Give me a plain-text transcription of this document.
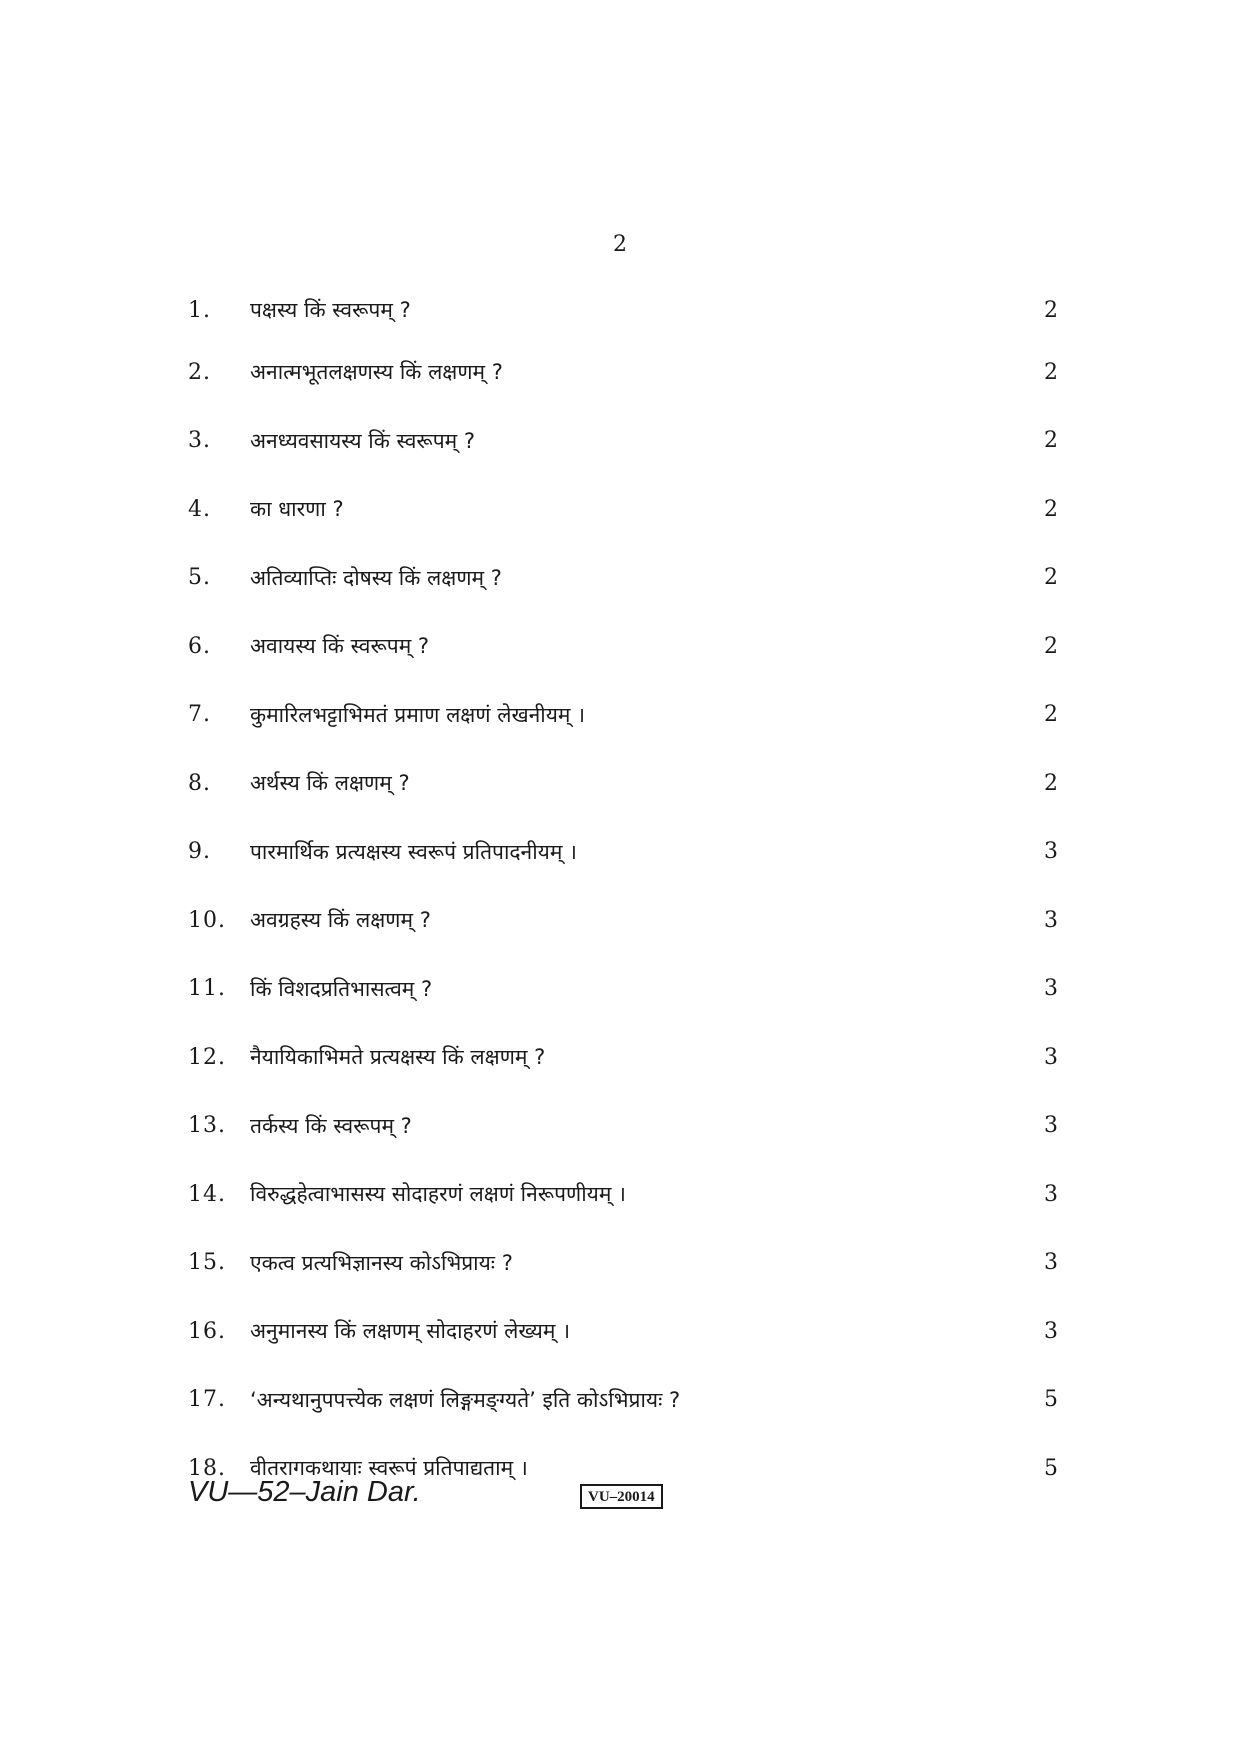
2
1.	पक्षस्य किं स्वरूपम् ?	2
2.	अनात्मभूतलक्षणस्य किं लक्षणम् ?	2
3.	अनध्यवसायस्य किं स्वरूपम् ?	2
4.	का धारणा ?	2
5.	अतिव्याप्तिः दोषस्य किं लक्षणम् ?	2
6.	अवायस्य किं स्वरूपम् ?	2
7.	कुमारिलभट्टाभिमतं प्रमाण लक्षणं लेखनीयम् ।	2
8.	अर्थस्य किं लक्षणम् ?	2
9.	पारमार्थिक प्रत्यक्षस्य स्वरूपं प्रतिपादनीयम् ।	3
10.	अवग्रहस्य किं लक्षणम् ?	3
11.	किं विशदप्रतिभासत्वम् ?	3
12.	नैयायिकाभिमते प्रत्यक्षस्य किं लक्षणम् ?	3
13.	तर्कस्य किं स्वरूपम् ?	3
14.	विरुद्धहेत्वाभासस्य सोदाहरणं लक्षणं निरूपणीयम् ।	3
15.	एकत्व प्रत्यभिज्ञानस्य कोऽभिप्रायः ?	3
16.	अनुमानस्य किं लक्षणम् सोदाहरणं लेख्यम् ।	3
17.	‘अन्यथानुपपत्त्येक लक्षणं लिङ्गमङ्ग्यते’ इति कोऽभिप्रायः ?	5
18.	वीतरागकथायाः स्वरूपं प्रतिपाद्यताम् ।	5
VU—52–Jain Dar.	VU–20014
